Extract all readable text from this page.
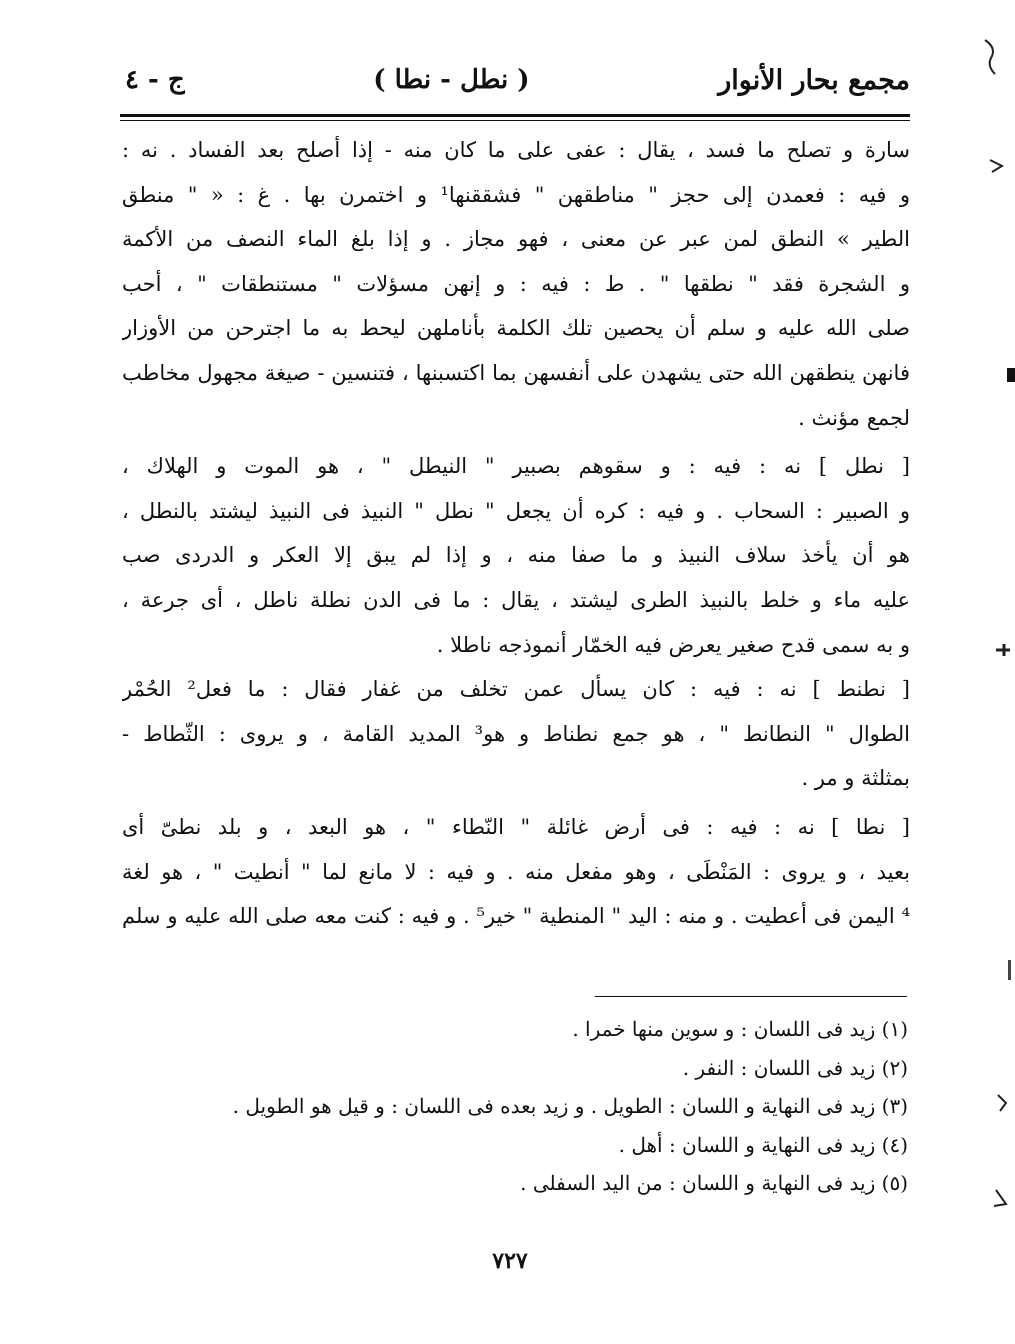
مجمع بحار الأنوار
( نطل - نطا )
ج - ٤

سارة و تصلح ما فسد ، يقال : عفى على ما كان منه - إذا أصلح بعد الفساد . نه :
و فيه : فعمدن إلى حجز " مناطقهن " فشققنها¹ و اختمرن بها . غ : « " منطق
الطير » النطق لمن عبر عن معنى ، فهو مجاز . و إذا بلغ الماء النصف من الأكمة
و الشجرة فقد " نطقها " . ط : فيه : و إنهن مسؤلات " مستنطقات " ، أحب
صلى الله عليه و سلم أن يحصين تلك الكلمة بأناملهن ليحط به ما اجترحن من الأوزار
فانهن ينطقهن الله حتى يشهدن على أنفسهن بما اكتسبنها ، فتنسين - صيغة مجهول مخاطب
لجمع مؤنث .

[ نطل ] نه : فيه : و سقوهم بصبير " النيطل " ، هو الموت و الهلاك ،
و الصبير : السحاب . و فيه : كره أن يجعل " نطل " النبيذ فى النبيذ ليشتد بالنطل ،
هو أن يأخذ سلاف النبيذ و ما صفا منه ، و إذا لم يبق إلا العكر و الدردى صب
عليه ماء و خلط بالنبيذ الطرى ليشتد ، يقال : ما فى الدن نطلة ناطل ، أى جرعة ،
و به سمى قدح صغير يعرض فيه الخمّار أنموذجه ناطلا .

[ نطنط ] نه : فيه : كان يسأل عمن تخلف من غفار فقال : ما فعل² الحُمْر
الطوال " النطانط " ، هو جمع نطناط و هو³ المديد القامة ، و يروى : الثّطاط -
بمثلثة و مر .

[ نطا ] نه : فيه : فى أرض غائلة " النّطاء " ، هو البعد ، و بلد نطىّ أى
بعيد ، و يروى : المَنْطَى ، وهو مفعل منه . و فيه : لا مانع لما " أنطيت " ، هو لغة
⁴ اليمن فى أعطيت . و منه : اليد " المنطية " خير⁵ . و فيه : كنت معه صلى الله عليه و سلم

(١) زيد فى اللسان : و سوين منها خمرا .
(٢) زيد فى اللسان : النفر .
(٣) زيد فى النهاية و اللسان : الطويل . و زيد بعده فى اللسان : و قيل هو الطويل .
(٤) زيد فى النهاية و اللسان : أهل .
(٥) زيد فى النهاية و اللسان : من اليد السفلى .
٧٢٧
